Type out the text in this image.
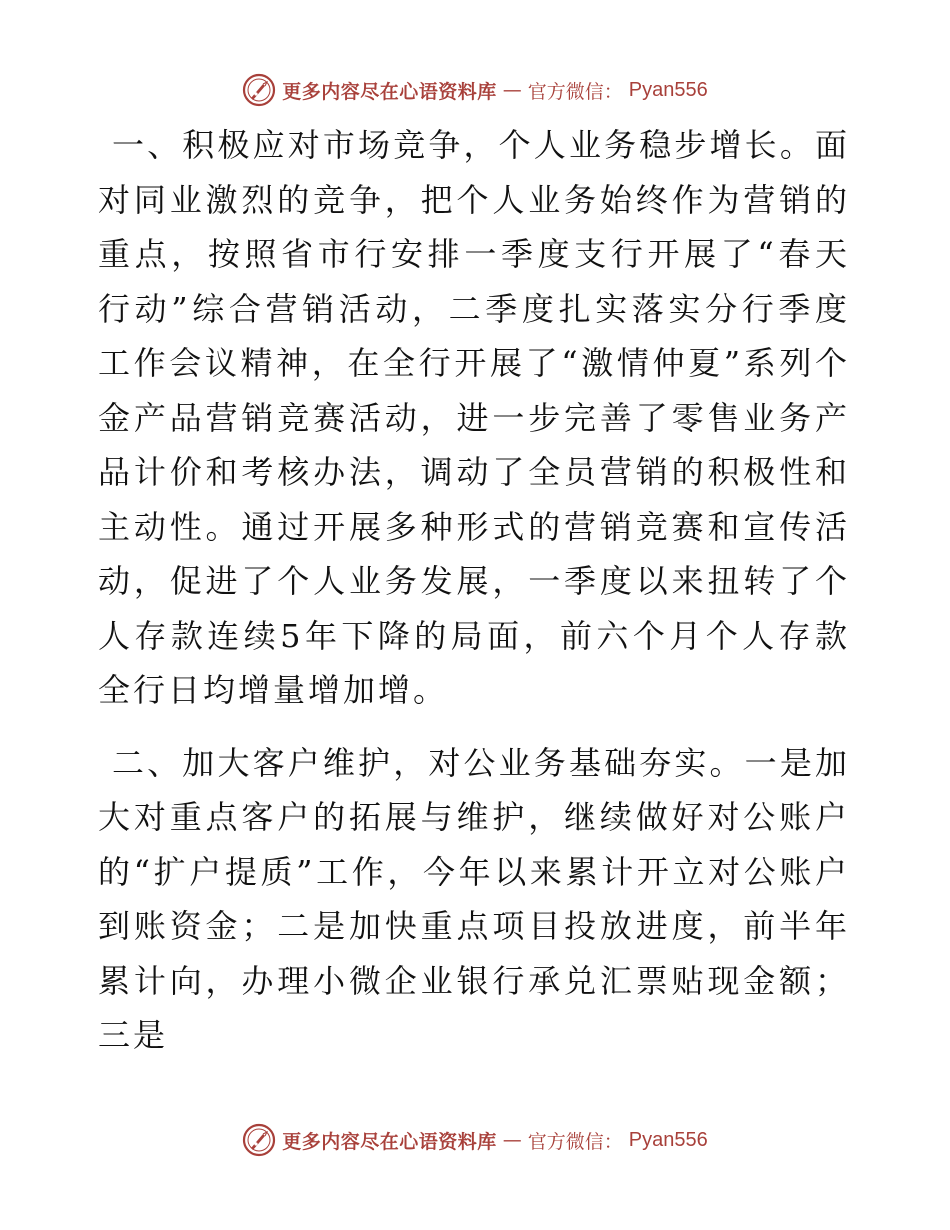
更多内容尽在心语资料库 — 官方微信： Pyan556

一、积极应对市场竞争，个人业务稳步增长。面对同业激烈的竞争，把个人业务始终作为营销的重点，按照省市行安排一季度支行开展了“春天行动”综合营销活动，二季度扎实落实分行季度工作会议精神，在全行开展了“激情仲夏”系列个金产品营销竞赛活动，进一步完善了零售业务产品计价和考核办法，调动了全员营销的积极性和主动性。通过开展多种形式的营销竞赛和宣传活动，促进了个人业务发展，一季度以来扭转了个人存款连续5年下降的局面，前六个月个人存款全行日均增量增加增。

二、加大客户维护，对公业务基础夯实。一是加大对重点客户的拓展与维护，继续做好对公账户的“扩户提质”工作，今年以来累计开立对公账户到账资金；二是加快重点项目投放进度，前半年累计向，办理小微企业银行承兑汇票贴现金额；三是

更多内容尽在心语资料库 — 官方微信： Pyan556
